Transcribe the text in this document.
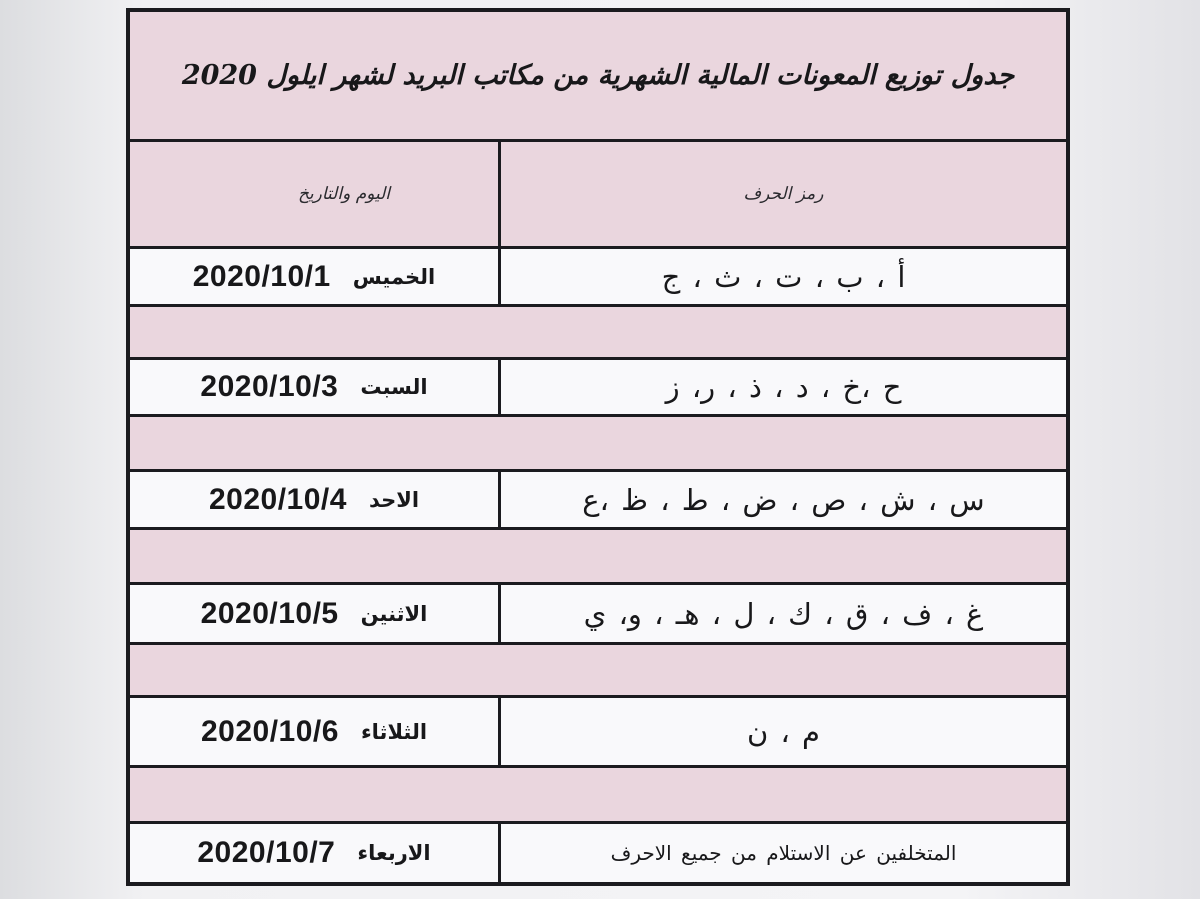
جدول توزيع المعونات المالية الشهرية من مكاتب البريد لشهر ايلول 2020
رمز الحرف
اليوم والتاريخ
أ ، ب ، ت ، ث ، ج
الخميس
2020/10/1
ح ،خ ، د ، ذ ، ر، ز
السبت
2020/10/3
س ، ش ، ص ، ض ، ط ، ظ ،ع
الاحد
2020/10/4
غ ، ف ، ق ، ك ، ل ، هـ ، و، ي
الاثنين
2020/10/5
م ، ن
الثلاثاء
2020/10/6
المتخلفين عن الاستلام من جميع الاحرف
الاربعاء
2020/10/7
